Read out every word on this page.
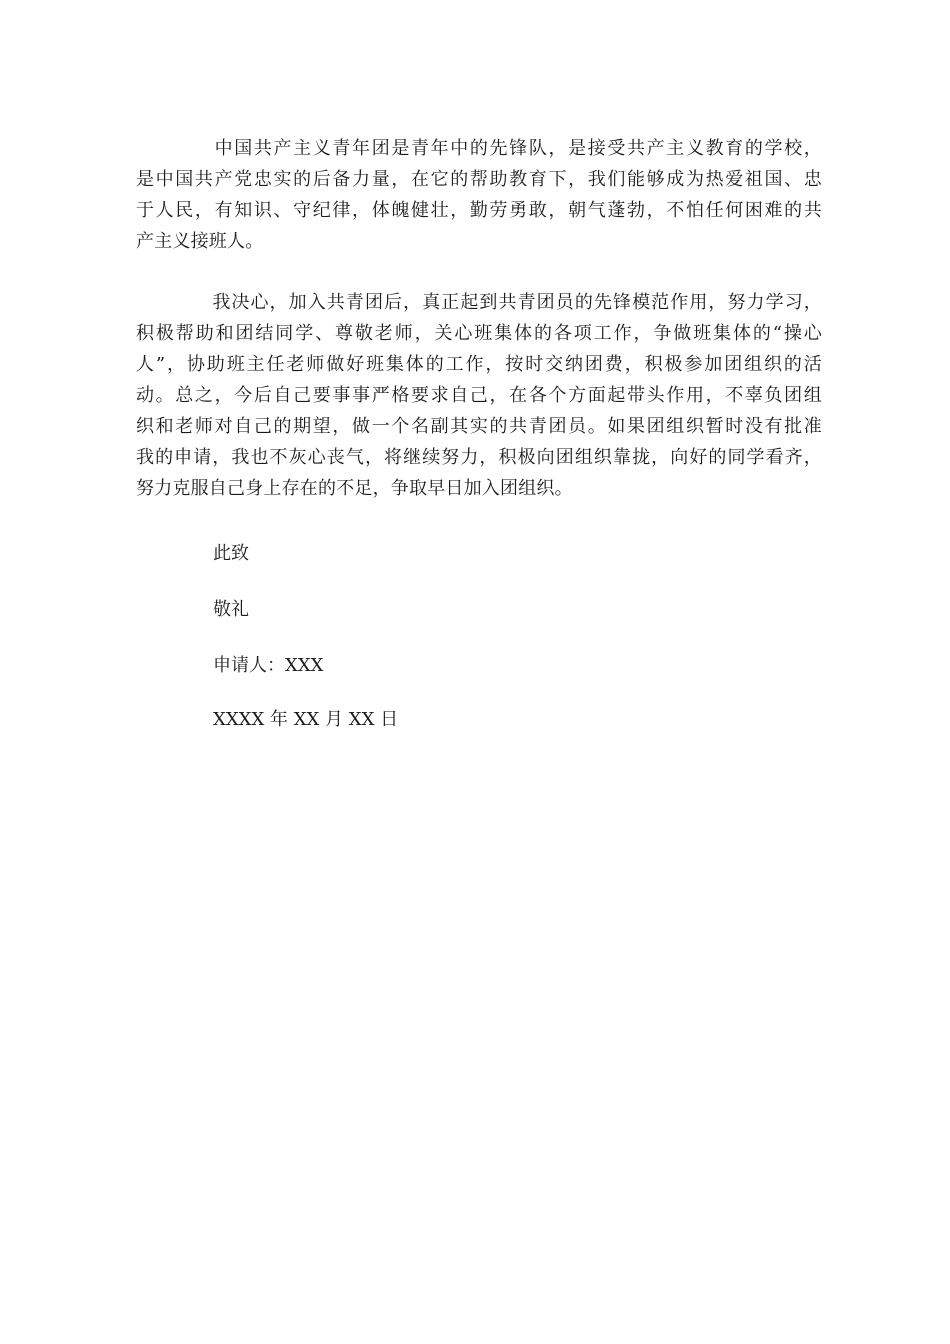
　　　　中国共产主义青年团是青年中的先锋队，是接受共产主义教育的学校，
是中国共产党忠实的后备力量，在它的帮助教育下，我们能够成为热爱祖国、忠
于人民，有知识、守纪律，体魄健壮，勤劳勇敢，朝气蓬勃，不怕任何困难的共
产主义接班人。
　　　　我决心，加入共青团后，真正起到共青团员的先锋模范作用，努力学习，
积极帮助和团结同学、尊敬老师，关心班集体的各项工作，争做班集体的“操心
人”，协助班主任老师做好班集体的工作，按时交纳团费，积极参加团组织的活
动。总之，今后自己要事事严格要求自己，在各个方面起带头作用，不辜负团组
织和老师对自己的期望，做一个名副其实的共青团员。如果团组织暂时没有批准
我的申请，我也不灰心丧气，将继续努力，积极向团组织靠拢，向好的同学看齐，
努力克服自己身上存在的不足，争取早日加入团组织。
此致
敬礼
申请人：XXX
XXXX 年 XX 月 XX 日
